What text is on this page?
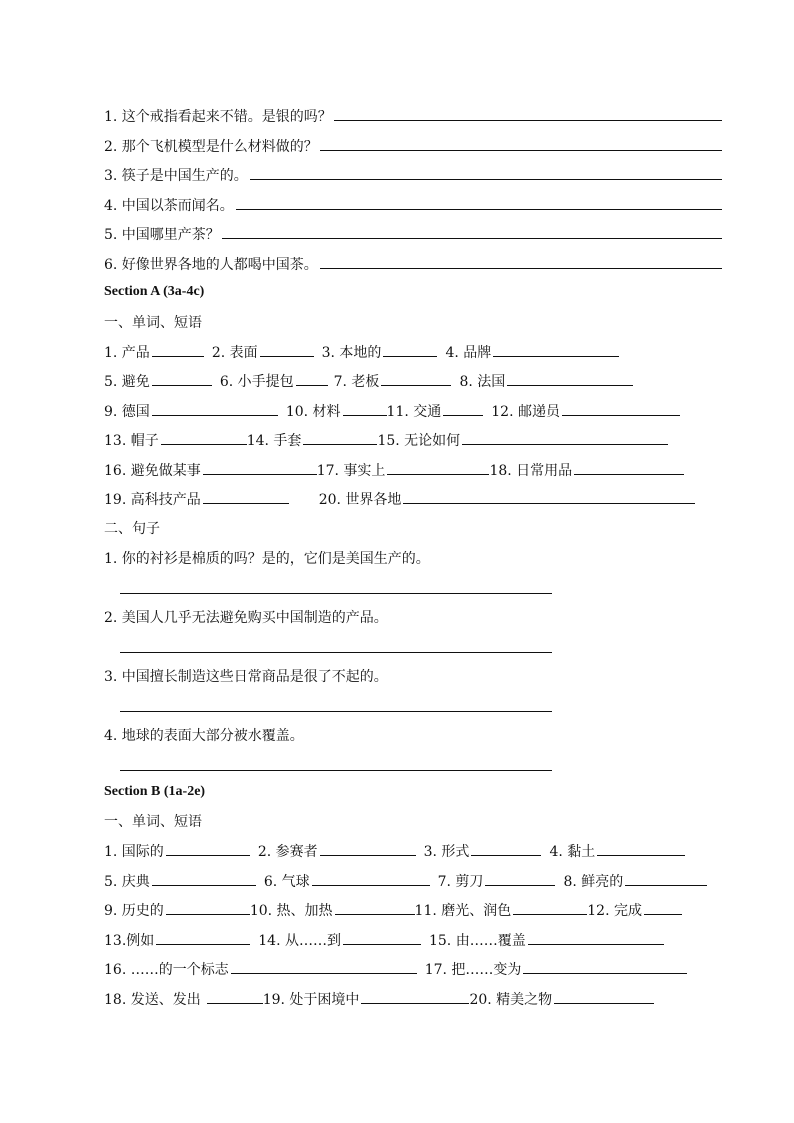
1. 这个戒指看起来不错。是银的吗？
2. 那个飞机模型是什么材料做的？
3. 筷子是中国生产的。
4. 中国以茶而闻名。
5. 中国哪里产茶？
6. 好像世界各地的人都喝中国茶。
Section A (3a-4c)
一、单词、短语
1. 产品	2. 表面	3. 本地的	4. 品牌
5. 避免	6. 小手提包	7. 老板	8. 法国
9. 德国	10. 材料	11. 交通	12. 邮递员
13. 帽子	14. 手套	15. 无论如何
16. 避免做某事	17. 事实上	18. 日常用品
19. 高科技产品	20. 世界各地
二、句子
1. 你的衬衫是棉质的吗？是的，它们是美国生产的。
2. 美国人几乎无法避免购买中国制造的产品。
3. 中国擅长制造这些日常商品是很了不起的。
4. 地球的表面大部分被水覆盖。
Section B (1a-2e)
一、单词、短语
1. 国际的	2. 参赛者	3. 形式	4. 黏土
5. 庆典	6. 气球	7. 剪刀	8. 鲜亮的
9. 历史的	10. 热、加热	11. 磨光、润色	12. 完成
13.例如	14. 从……到	15. 由……覆盖
16. ……的一个标志	17. 把……变为
18. 发送、发出	19. 处于困境中	20. 精美之物
